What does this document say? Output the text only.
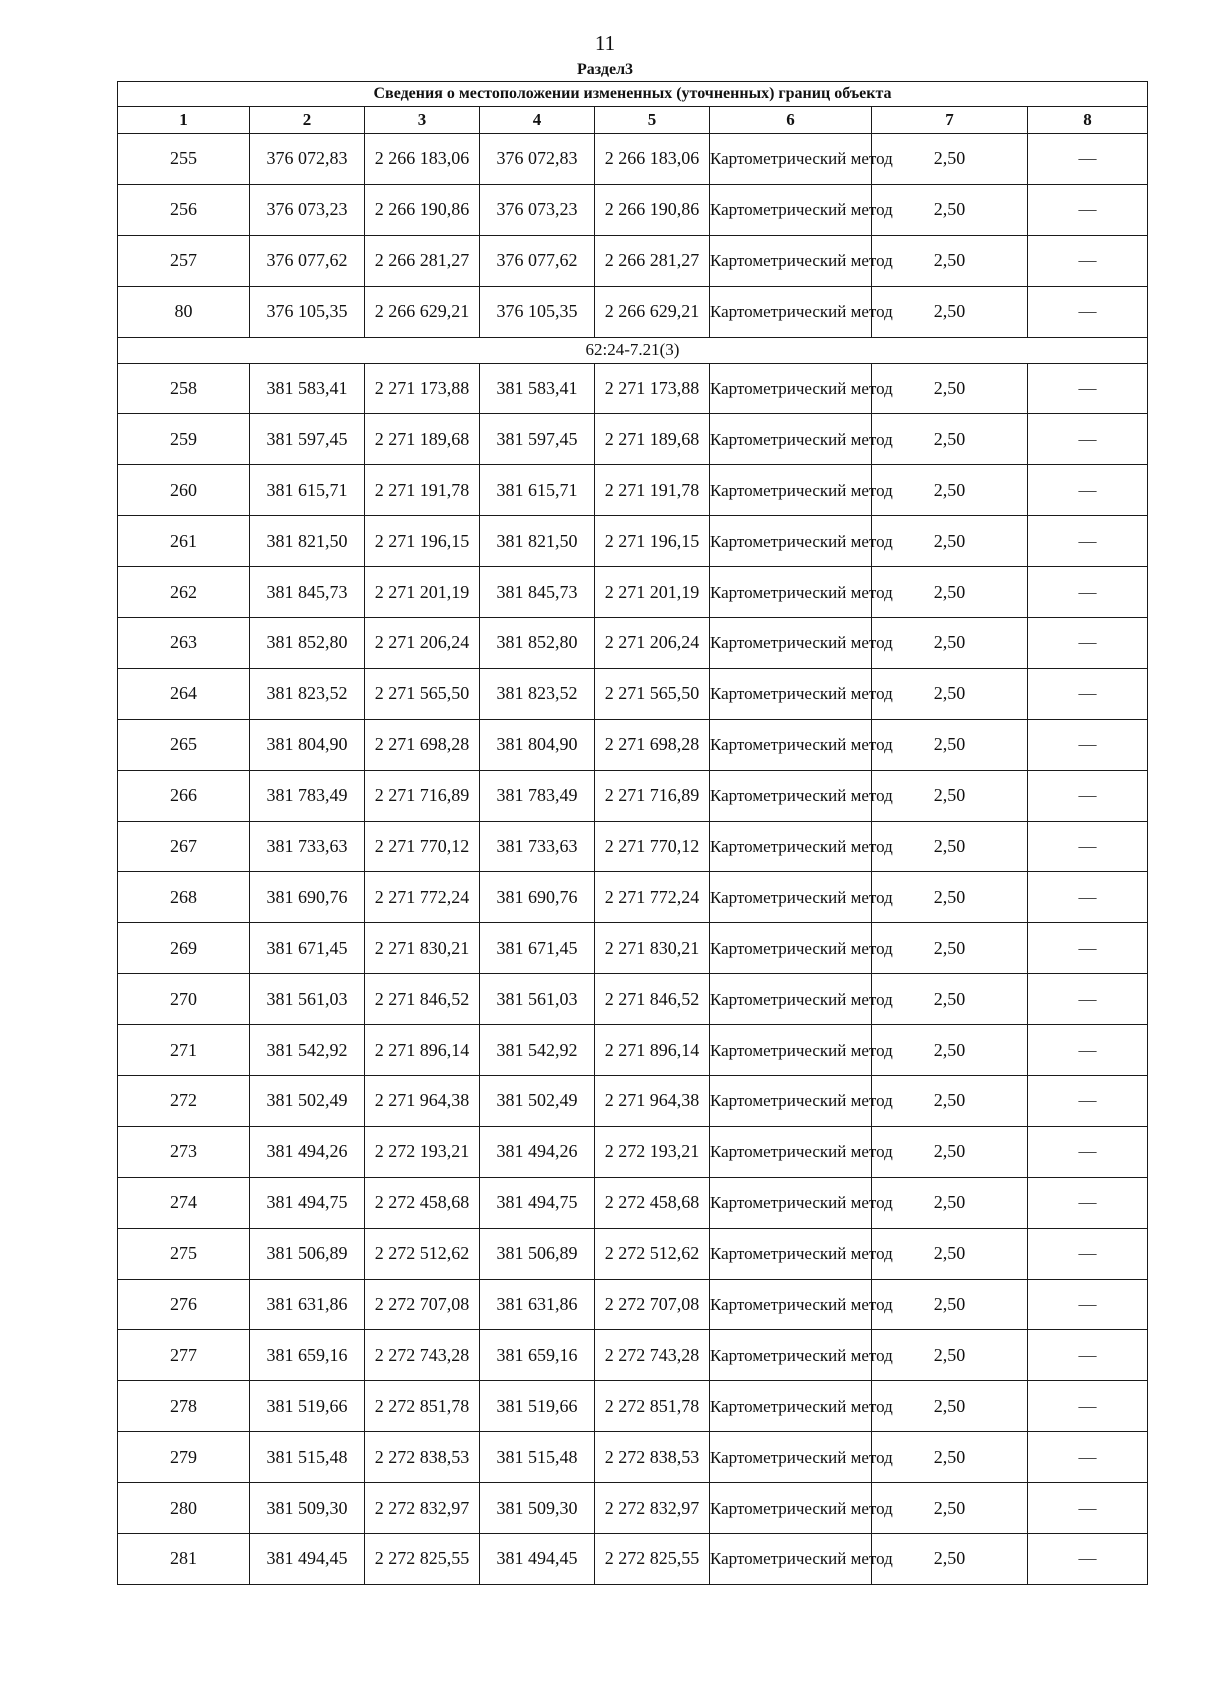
11
Раздел3
Сведения о местоположении измененных (уточненных) границ объекта							
1	2	3	4	5	6	7	8
255	376 072,83	2 266 183,06	376 072,83	2 266 183,06	Картометрический метод	2,50	—
256	376 073,23	2 266 190,86	376 073,23	2 266 190,86	Картометрический метод	2,50	—
257	376 077,62	2 266 281,27	376 077,62	2 266 281,27	Картометрический метод	2,50	—
80	376 105,35	2 266 629,21	376 105,35	2 266 629,21	Картометрический метод	2,50	—
62:24-7.21(3)							
258	381 583,41	2 271 173,88	381 583,41	2 271 173,88	Картометрический метод	2,50	—
259	381 597,45	2 271 189,68	381 597,45	2 271 189,68	Картометрический метод	2,50	—
260	381 615,71	2 271 191,78	381 615,71	2 271 191,78	Картометрический метод	2,50	—
261	381 821,50	2 271 196,15	381 821,50	2 271 196,15	Картометрический метод	2,50	—
262	381 845,73	2 271 201,19	381 845,73	2 271 201,19	Картометрический метод	2,50	—
263	381 852,80	2 271 206,24	381 852,80	2 271 206,24	Картометрический метод	2,50	—
264	381 823,52	2 271 565,50	381 823,52	2 271 565,50	Картометрический метод	2,50	—
265	381 804,90	2 271 698,28	381 804,90	2 271 698,28	Картометрический метод	2,50	—
266	381 783,49	2 271 716,89	381 783,49	2 271 716,89	Картометрический метод	2,50	—
267	381 733,63	2 271 770,12	381 733,63	2 271 770,12	Картометрический метод	2,50	—
268	381 690,76	2 271 772,24	381 690,76	2 271 772,24	Картометрический метод	2,50	—
269	381 671,45	2 271 830,21	381 671,45	2 271 830,21	Картометрический метод	2,50	—
270	381 561,03	2 271 846,52	381 561,03	2 271 846,52	Картометрический метод	2,50	—
271	381 542,92	2 271 896,14	381 542,92	2 271 896,14	Картометрический метод	2,50	—
272	381 502,49	2 271 964,38	381 502,49	2 271 964,38	Картометрический метод	2,50	—
273	381 494,26	2 272 193,21	381 494,26	2 272 193,21	Картометрический метод	2,50	—
274	381 494,75	2 272 458,68	381 494,75	2 272 458,68	Картометрический метод	2,50	—
275	381 506,89	2 272 512,62	381 506,89	2 272 512,62	Картометрический метод	2,50	—
276	381 631,86	2 272 707,08	381 631,86	2 272 707,08	Картометрический метод	2,50	—
277	381 659,16	2 272 743,28	381 659,16	2 272 743,28	Картометрический метод	2,50	—
278	381 519,66	2 272 851,78	381 519,66	2 272 851,78	Картометрический метод	2,50	—
279	381 515,48	2 272 838,53	381 515,48	2 272 838,53	Картометрический метод	2,50	—
280	381 509,30	2 272 832,97	381 509,30	2 272 832,97	Картометрический метод	2,50	—
281	381 494,45	2 272 825,55	381 494,45	2 272 825,55	Картометрический метод	2,50	—
